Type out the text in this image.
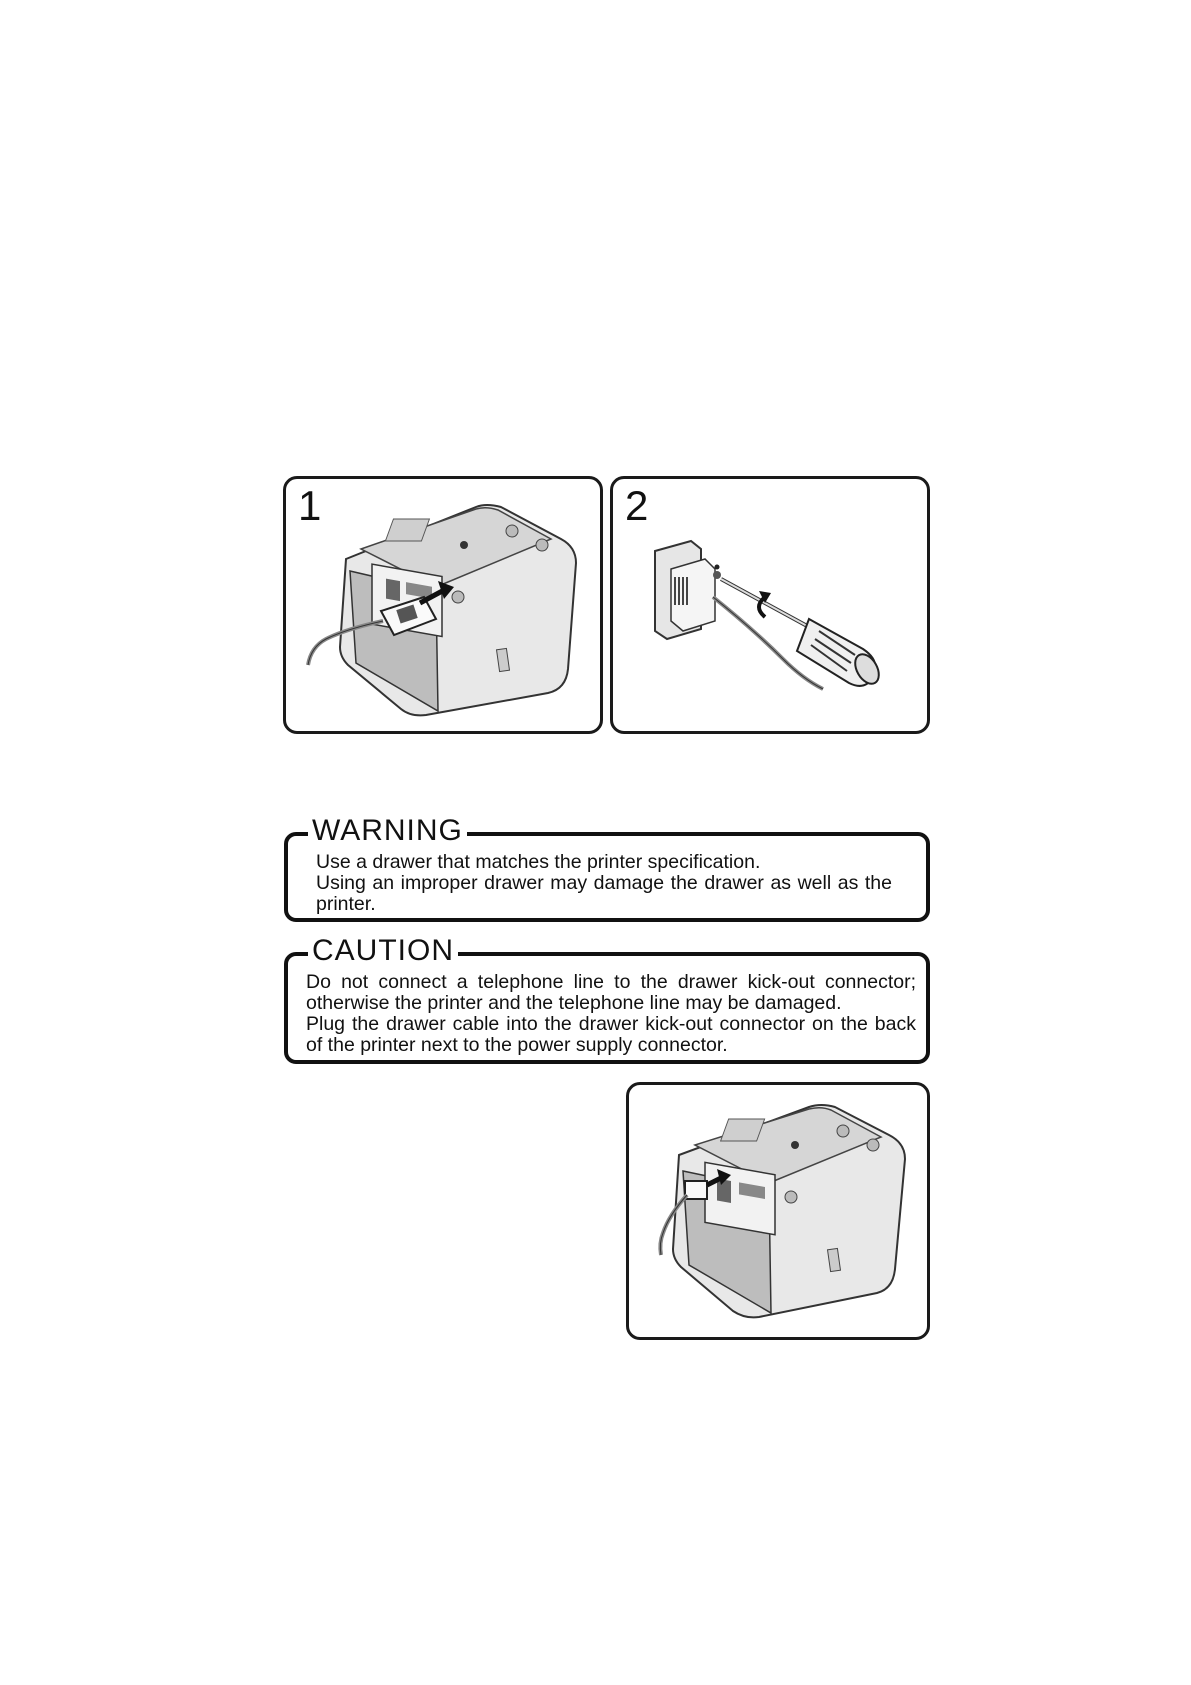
1	2
WARNING

Use a drawer that matches the printer specification.

Using an improper drawer may damage the drawer as well as the printer.

CAUTION

Do not connect a telephone line to the drawer kick-out connector; otherwise the printer and the telephone line may be damaged.

Plug the drawer cable into the drawer kick-out connector on the back of the printer next to the power supply connector.
